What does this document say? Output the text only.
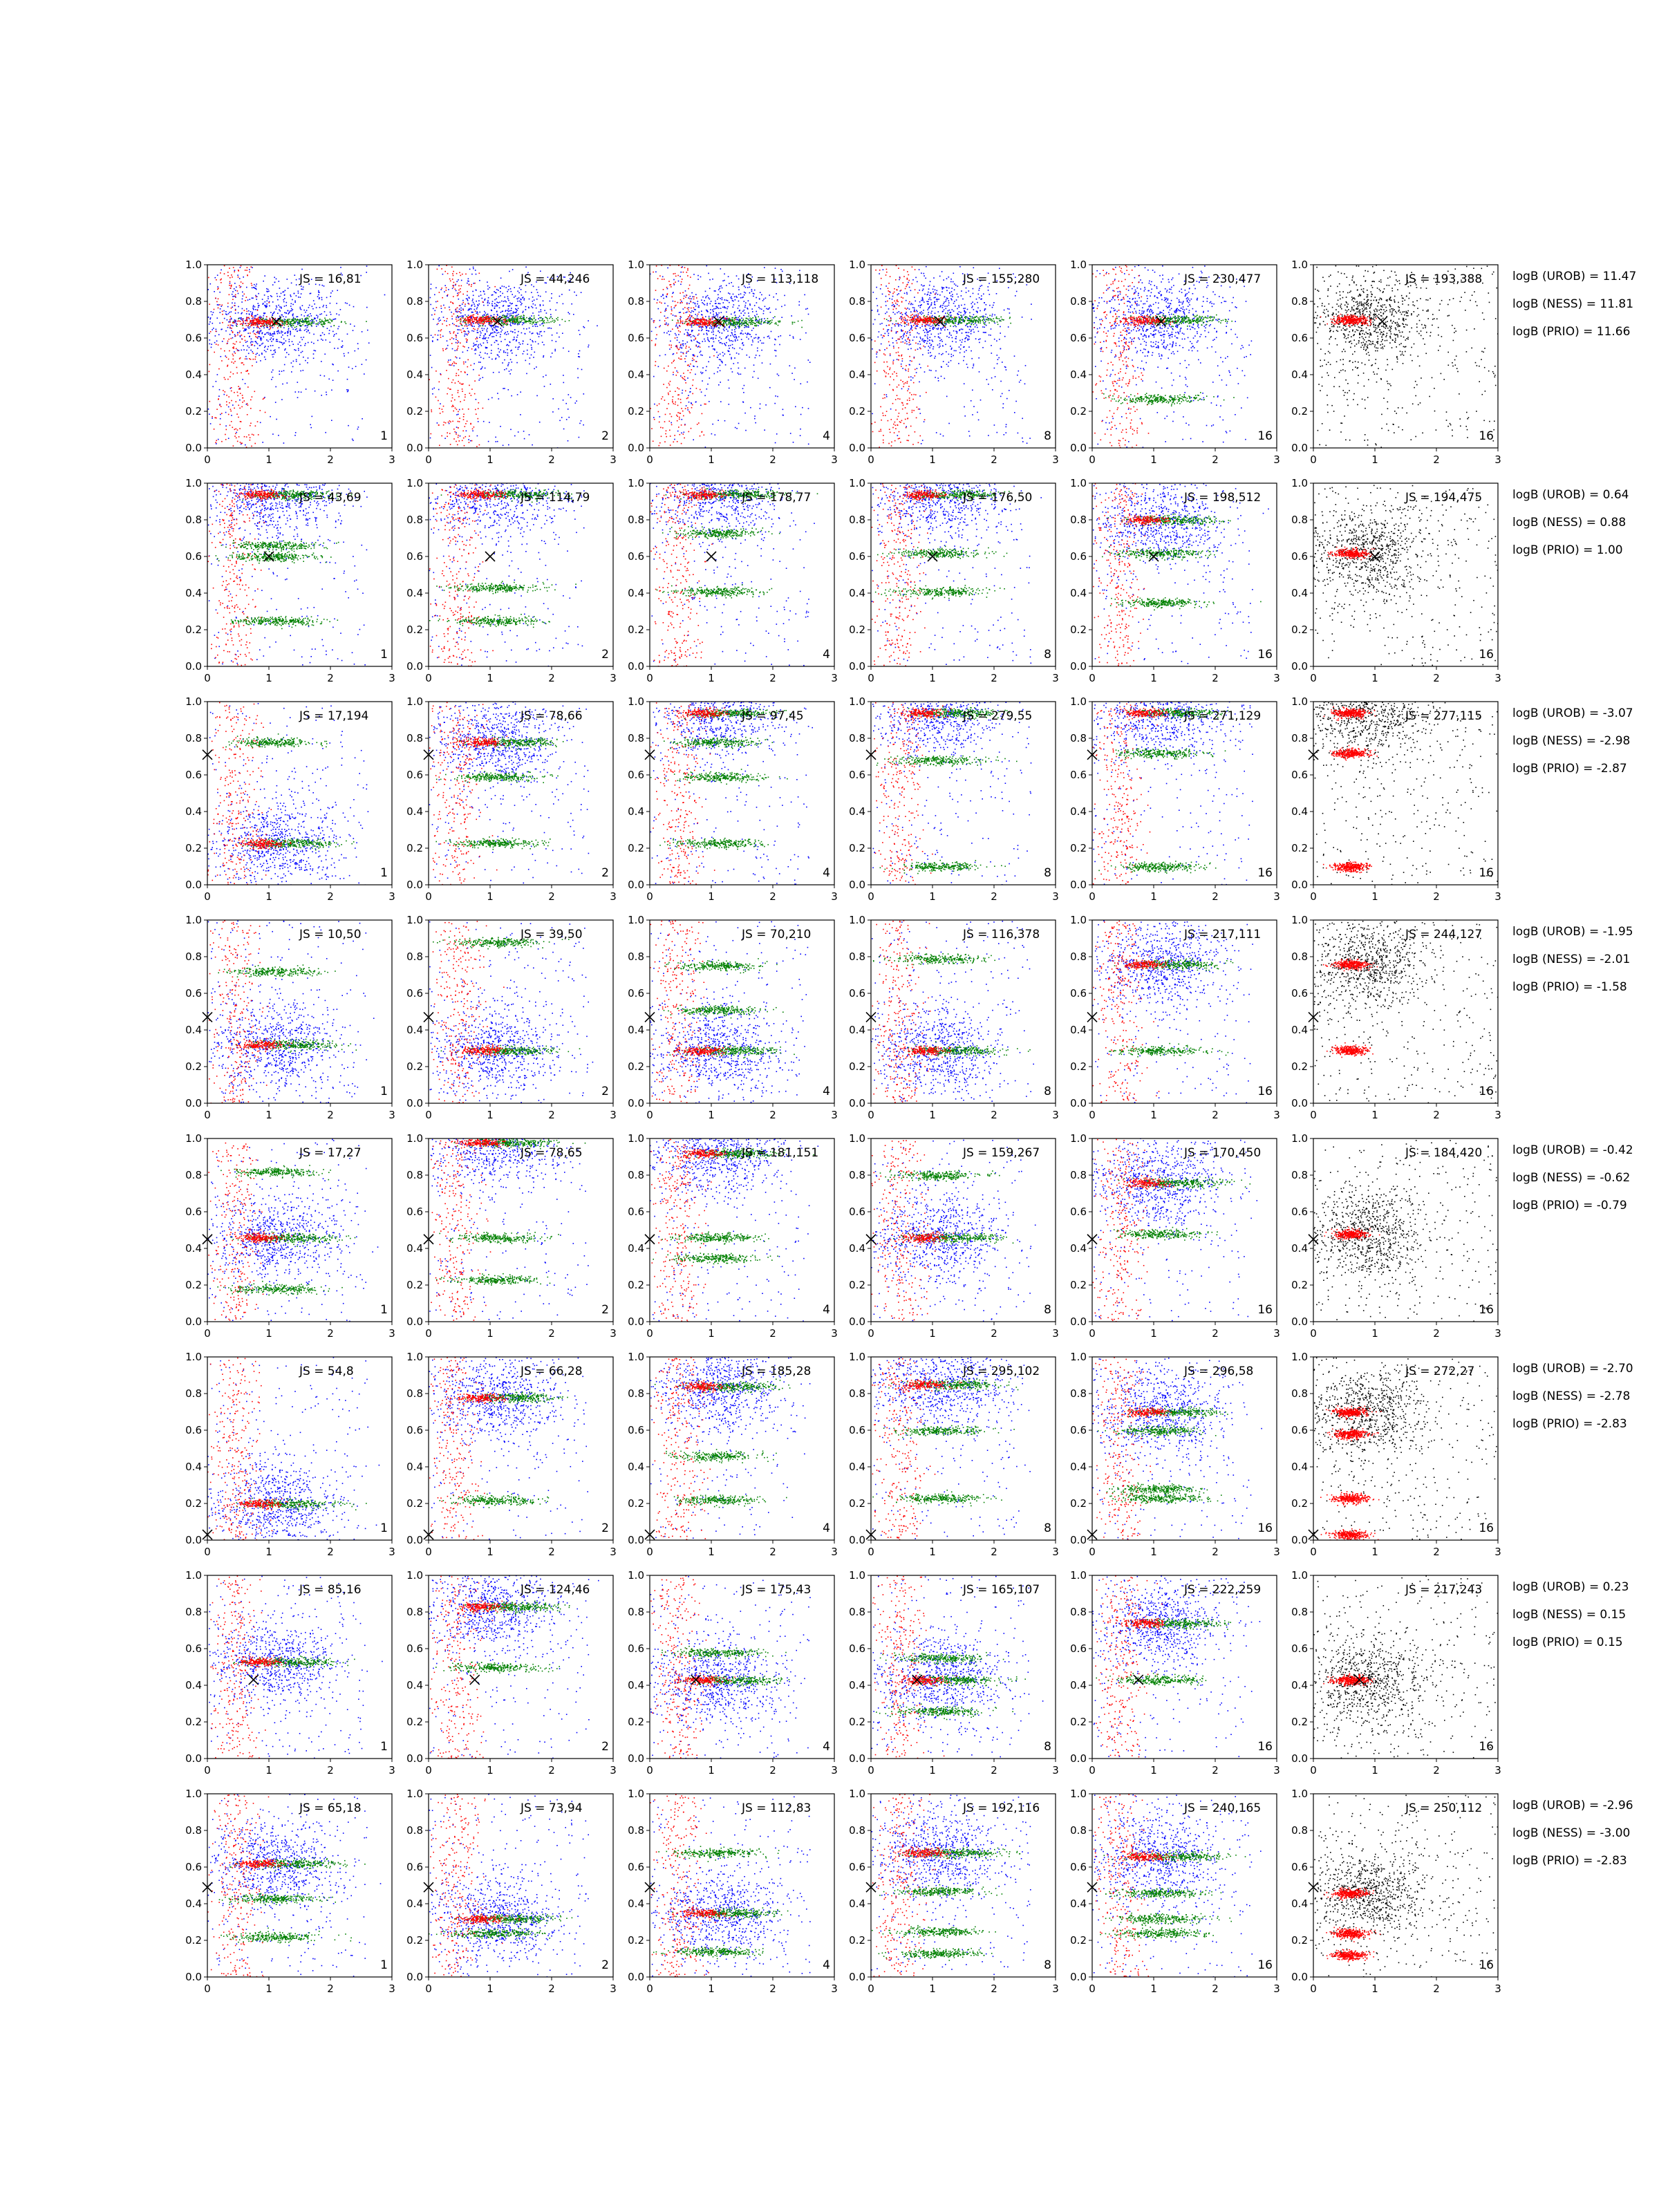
0.0
0.2
0.4
0.6
0.8
1.0
0	1	2	3
JS = 16,81
1
0.0
0.2
0.4
0.6
0.8
1.0
0	1	2	3
JS = 44,246
2
0.0
0.2
0.4
0.6
0.8
1.0
0	1	2	3
JS = 113,118
4
0.0
0.2
0.4
0.6
0.8
1.0
0	1	2	3
JS = 155,280
8
0.0
0.2
0.4
0.6
0.8
1.0
0	1	2	3
JS = 230,477
16
0.0
0.2
0.4
0.6
0.8
1.0
0	1	2	3
JS = 193,388
16
logB (UROB) = 11.47
logB (NESS) = 11.81
logB (PRIO) = 11.66
0.0
0.2
0.4
0.6
0.8
1.0
0	1	2	3
JS = 43,69
1
0.0
0.2
0.4
0.6
0.8
1.0
0	1	2	3
JS = 114,79
2
0.0
0.2
0.4
0.6
0.8
1.0
0	1	2	3
JS = 178,77
4
0.0
0.2
0.4
0.6
0.8
1.0
0	1	2	3
JS = 176,50
8
0.0
0.2
0.4
0.6
0.8
1.0
0	1	2	3
JS = 198,512
16
0.0
0.2
0.4
0.6
0.8
1.0
0	1	2	3
JS = 194,475
16
logB (UROB) = 0.64
logB (NESS) = 0.88
logB (PRIO) = 1.00
0.0
0.2
0.4
0.6
0.8
1.0
0	1	2	3
JS = 17,194
1
0.0
0.2
0.4
0.6
0.8
1.0
0	1	2	3
JS = 78,66
2
0.0
0.2
0.4
0.6
0.8
1.0
0	1	2	3
JS = 97,45
4
0.0
0.2
0.4
0.6
0.8
1.0
0	1	2	3
JS = 279,55
8
0.0
0.2
0.4
0.6
0.8
1.0
0	1	2	3
JS = 271,129
16
0.0
0.2
0.4
0.6
0.8
1.0
0	1	2	3
JS = 277,115
16
logB (UROB) = -3.07
logB (NESS) = -2.98
logB (PRIO) = -2.87
0.0
0.2
0.4
0.6
0.8
1.0
0	1	2	3
JS = 10,50
1
0.0
0.2
0.4
0.6
0.8
1.0
0	1	2	3
JS = 39,50
2
0.0
0.2
0.4
0.6
0.8
1.0
0	1	2	3
JS = 70,210
4
0.0
0.2
0.4
0.6
0.8
1.0
0	1	2	3
JS = 116,378
8
0.0
0.2
0.4
0.6
0.8
1.0
0	1	2	3
JS = 217,111
16
0.0
0.2
0.4
0.6
0.8
1.0
0	1	2	3
JS = 244,127
16
logB (UROB) = -1.95
logB (NESS) = -2.01
logB (PRIO) = -1.58
0.0
0.2
0.4
0.6
0.8
1.0
0	1	2	3
JS = 17,27
1
0.0
0.2
0.4
0.6
0.8
1.0
0	1	2	3
JS = 78,65
2
0.0
0.2
0.4
0.6
0.8
1.0
0	1	2	3
JS = 181,151
4
0.0
0.2
0.4
0.6
0.8
1.0
0	1	2	3
JS = 159,267
8
0.0
0.2
0.4
0.6
0.8
1.0
0	1	2	3
JS = 170,450
16
0.0
0.2
0.4
0.6
0.8
1.0
0	1	2	3
JS = 184,420
16
logB (UROB) = -0.42
logB (NESS) = -0.62
logB (PRIO) = -0.79
0.0
0.2
0.4
0.6
0.8
1.0
0	1	2	3
JS = 54,8
1
0.0
0.2
0.4
0.6
0.8
1.0
0	1	2	3
JS = 66,28
2
0.0
0.2
0.4
0.6
0.8
1.0
0	1	2	3
JS = 185,28
4
0.0
0.2
0.4
0.6
0.8
1.0
0	1	2	3
JS = 295,102
8
0.0
0.2
0.4
0.6
0.8
1.0
0	1	2	3
JS = 296,58
16
0.0
0.2
0.4
0.6
0.8
1.0
0	1	2	3
JS = 272,27
16
logB (UROB) = -2.70
logB (NESS) = -2.78
logB (PRIO) = -2.83
0.0
0.2
0.4
0.6
0.8
1.0
0	1	2	3
JS = 85,16
1
0.0
0.2
0.4
0.6
0.8
1.0
0	1	2	3
JS = 124,46
2
0.0
0.2
0.4
0.6
0.8
1.0
0	1	2	3
JS = 175,43
4
0.0
0.2
0.4
0.6
0.8
1.0
0	1	2	3
JS = 165,107
8
0.0
0.2
0.4
0.6
0.8
1.0
0	1	2	3
JS = 222,259
16
0.0
0.2
0.4
0.6
0.8
1.0
0	1	2	3
JS = 217,243
16
logB (UROB) = 0.23
logB (NESS) = 0.15
logB (PRIO) = 0.15
0.0
0.2
0.4
0.6
0.8
1.0
0	1	2	3
JS = 65,18
1
0.0
0.2
0.4
0.6
0.8
1.0
0	1	2	3
JS = 73,94
2
0.0
0.2
0.4
0.6
0.8
1.0
0	1	2	3
JS = 112,83
4
0.0
0.2
0.4
0.6
0.8
1.0
0	1	2	3
JS = 192,116
8
0.0
0.2
0.4
0.6
0.8
1.0
0	1	2	3
JS = 240,165
16
0.0
0.2
0.4
0.6
0.8
1.0
0	1	2	3
JS = 250,112
16
logB (UROB) = -2.96
logB (NESS) = -3.00
logB (PRIO) = -2.83
